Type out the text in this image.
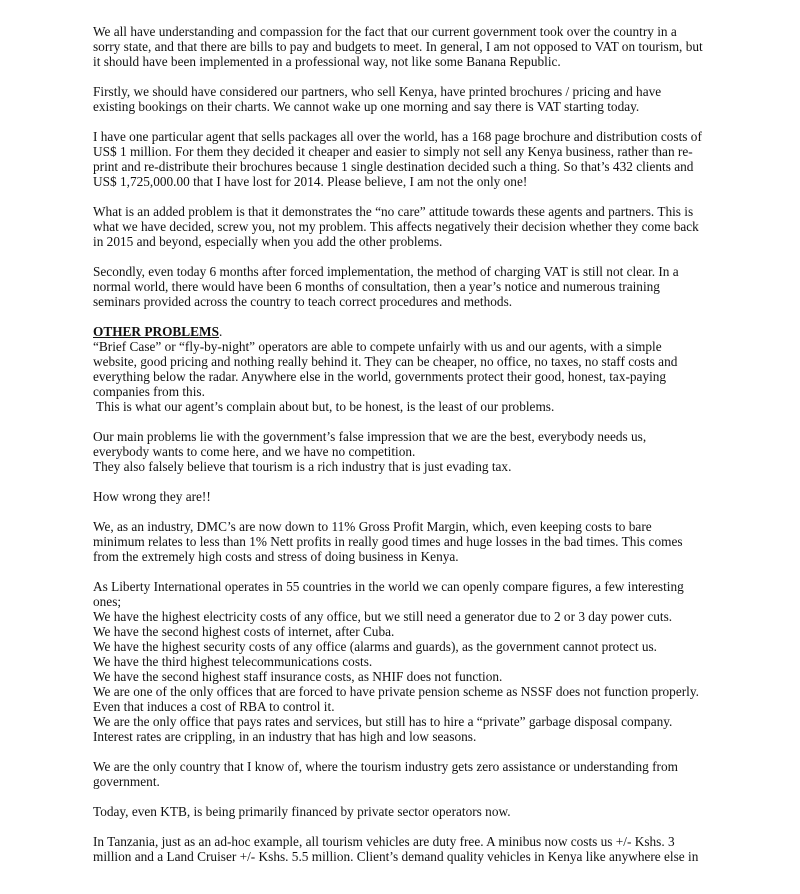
We all have understanding and compassion for the fact that our current government took over the country in a sorry state, and that there are bills to pay and budgets to meet. In general, I am not opposed to VAT on tourism, but it should have been implemented in a professional way, not like some Banana Republic.

Firstly, we should have considered our partners, who sell Kenya, have printed brochures / pricing and have existing bookings on their charts. We cannot wake up one morning and say there is VAT starting today.

I have one particular agent that sells packages all over the world, has a 168 page brochure and distribution costs of US$ 1 million. For them they decided it cheaper and easier to simply not sell any Kenya business, rather than re-print and re-distribute their brochures because 1 single destination decided such a thing. So that’s 432 clients and US$ 1,725,000.00 that I have lost for 2014. Please believe, I am not the only one!

What is an added problem is that it demonstrates the “no care” attitude towards these agents and partners. This is what we have decided, screw you, not my problem. This affects negatively their decision whether they come back in 2015 and beyond, especially when you add the other problems.

Secondly, even today 6 months after forced implementation, the method of charging VAT is still not clear. In a normal world, there would have been 6 months of consultation, then a year’s notice and numerous training seminars provided across the country to teach correct procedures and methods.

OTHER PROBLEMS.

“Brief Case” or “fly-by-night” operators are able to compete unfairly with us and our agents, with a simple website, good pricing and nothing really behind it. They can be cheaper, no office, no taxes, no staff costs and everything below the radar. Anywhere else in the world, governments protect their good, honest, tax-paying companies from this.

This is what our agent’s complain about but, to be honest, is the least of our problems.

Our main problems lie with the government’s false impression that we are the best, everybody needs us, everybody wants to come here, and we have no competition.

They also falsely believe that tourism is a rich industry that is just evading tax.

How wrong they are!!

We, as an industry, DMC’s are now down to 11% Gross Profit Margin, which, even keeping costs to bare minimum relates to less than 1% Nett profits in really good times and huge losses in the bad times. This comes from the extremely high costs and stress of doing business in Kenya.

As Liberty International operates in 55 countries in the world we can openly compare figures, a few interesting ones;

We have the highest electricity costs of any office, but we still need a generator due to 2 or 3 day power cuts.

We have the second highest costs of internet, after Cuba.

We have the highest security costs of any office (alarms and guards), as the government cannot protect us.

We have the third highest telecommunications costs.

We have the second highest staff insurance costs, as NHIF does not function.

We are one of the only offices that are forced to have private pension scheme as NSSF does not function properly. Even that induces a cost of RBA to control it.

We are the only office that pays rates and services, but still has to hire a “private” garbage disposal company.

Interest rates are crippling, in an industry that has high and low seasons.

We are the only country that I know of, where the tourism industry gets zero assistance or understanding from government.

Today, even KTB, is being primarily financed by private sector operators now.

In Tanzania, just as an ad-hoc example, all tourism vehicles are duty free. A minibus now costs us +/- Kshs. 3 million and a Land Cruiser +/- Kshs. 5.5 million. Client’s demand quality vehicles in Kenya like anywhere else in
